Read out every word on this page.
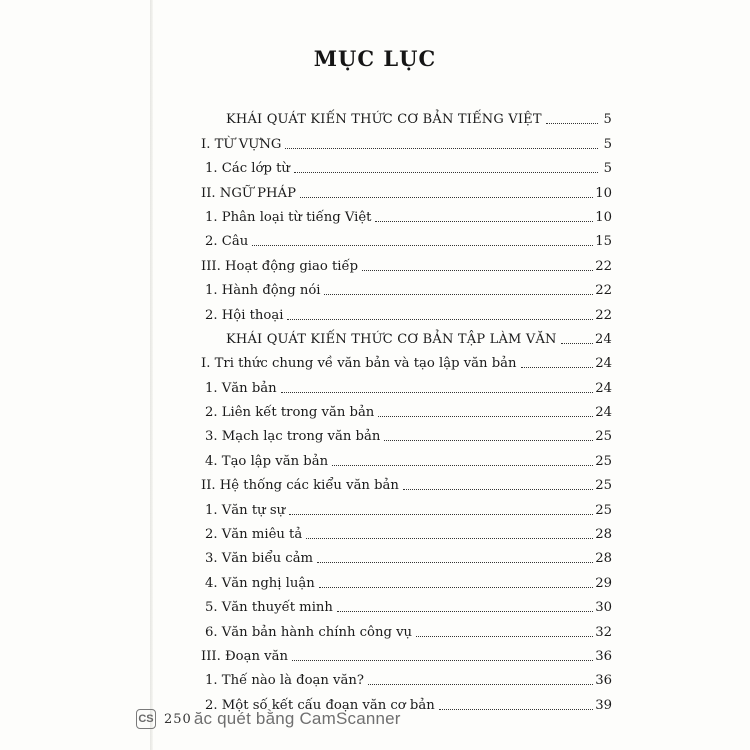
MỤC LỤC
KHÁI QUÁT KIẾN THỨC CƠ BẢN TIẾNG VIỆT	5
I. TỪ VỰNG	5
1. Các lớp từ	5
II. NGỮ PHÁP	10
1. Phân loại từ tiếng Việt	10
2. Câu	15
III. Hoạt động giao tiếp	22
1. Hành động nói	22
2. Hội thoại	22
KHÁI QUÁT KIẾN THỨC CƠ BẢN TẬP LÀM VĂN	24
I. Tri thức chung về văn bản và tạo lập văn bản	24
1. Văn bản	24
2. Liên kết trong văn bản	24
3. Mạch lạc trong văn bản	25
4. Tạo lập văn bản	25
II. Hệ thống các kiểu văn bản	25
1. Văn tự sự	25
2. Văn miêu tả	28
3. Văn biểu cảm	28
4. Văn nghị luận	29
5. Văn thuyết minh	30
6. Văn bản hành chính công vụ	32
III. Đoạn văn	36
1. Thế nào là đoạn văn?	36
2. Một số kết cấu đoạn văn cơ bản	39
CS 250 ăc quét bằng CamScanner
